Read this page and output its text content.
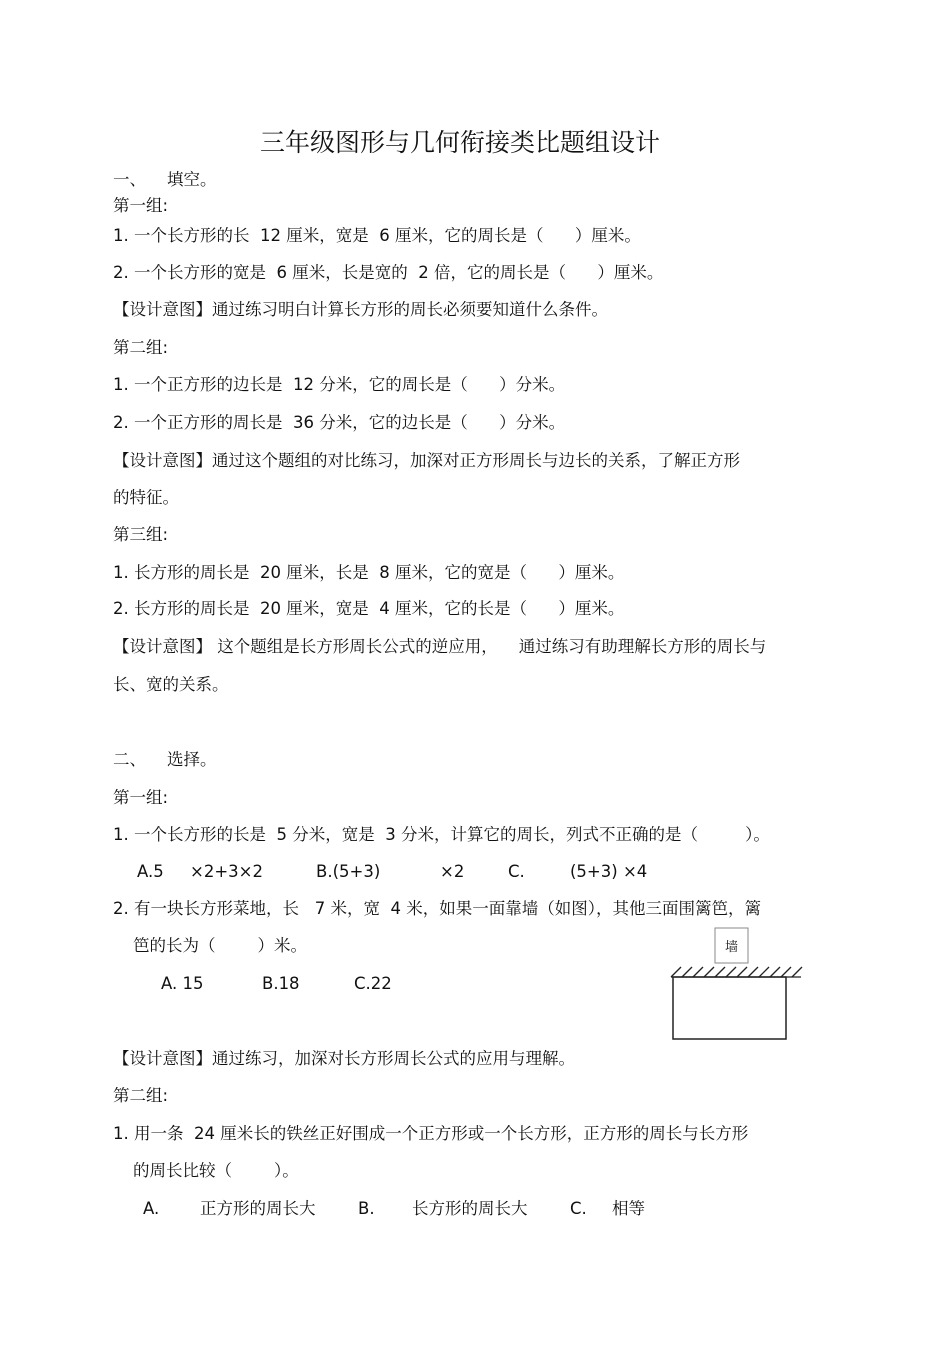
三年级图形与几何衔接类比题组设计
一、    填空。
第一组:
1. 一个长方形的长  12 厘米，宽是  6 厘米，它的周长是（      ）厘米。
2. 一个长方形的宽是  6 厘米，长是宽的  2 倍，它的周长是（      ）厘米。
【设计意图】通过练习明白计算长方形的周长必须要知道什么条件。
第二组:
1. 一个正方形的边长是  12 分米，它的周长是（      ）分米。
2. 一个正方形的周长是  36 分米，它的边长是（      ）分米。
【设计意图】通过这个题组的对比练习，加深对正方形周长与边长的关系，了解正方形
的特征。
第三组:
1. 长方形的周长是  20 厘米，长是  8 厘米，它的宽是（      ）厘米。
2. 长方形的周长是  20 厘米，宽是  4 厘米，它的长是（      ）厘米。
【设计意图】 这个题组是长方形周长公式的逆应用，    通过练习有助理解长方形的周长与
长、宽的关系。
二、    选择。
第一组:
1. 一个长方形的长是  5 分米，宽是  3 分米，计算它的周长，列式不正确的是（         ）。
A.5 ×2+3×2	B.(5+3)	×2	C.	(5+3) ×4
2. 有一块长方形菜地，长   7 米，宽  4 米，如果一面靠墙（如图），其他三面围篱笆，篱
笆的长为（        ）米。
A. 15	B.18	C.22
墙
【设计意图】通过练习，加深对长方形周长公式的应用与理解。
第二组:
1. 用一条  24 厘米长的铁丝正好围成一个正方形或一个长方形，正方形的周长与长方形
的周长比较（        ）。
A. 正方形的周长大	B. 长方形的周长大	C. 相等
